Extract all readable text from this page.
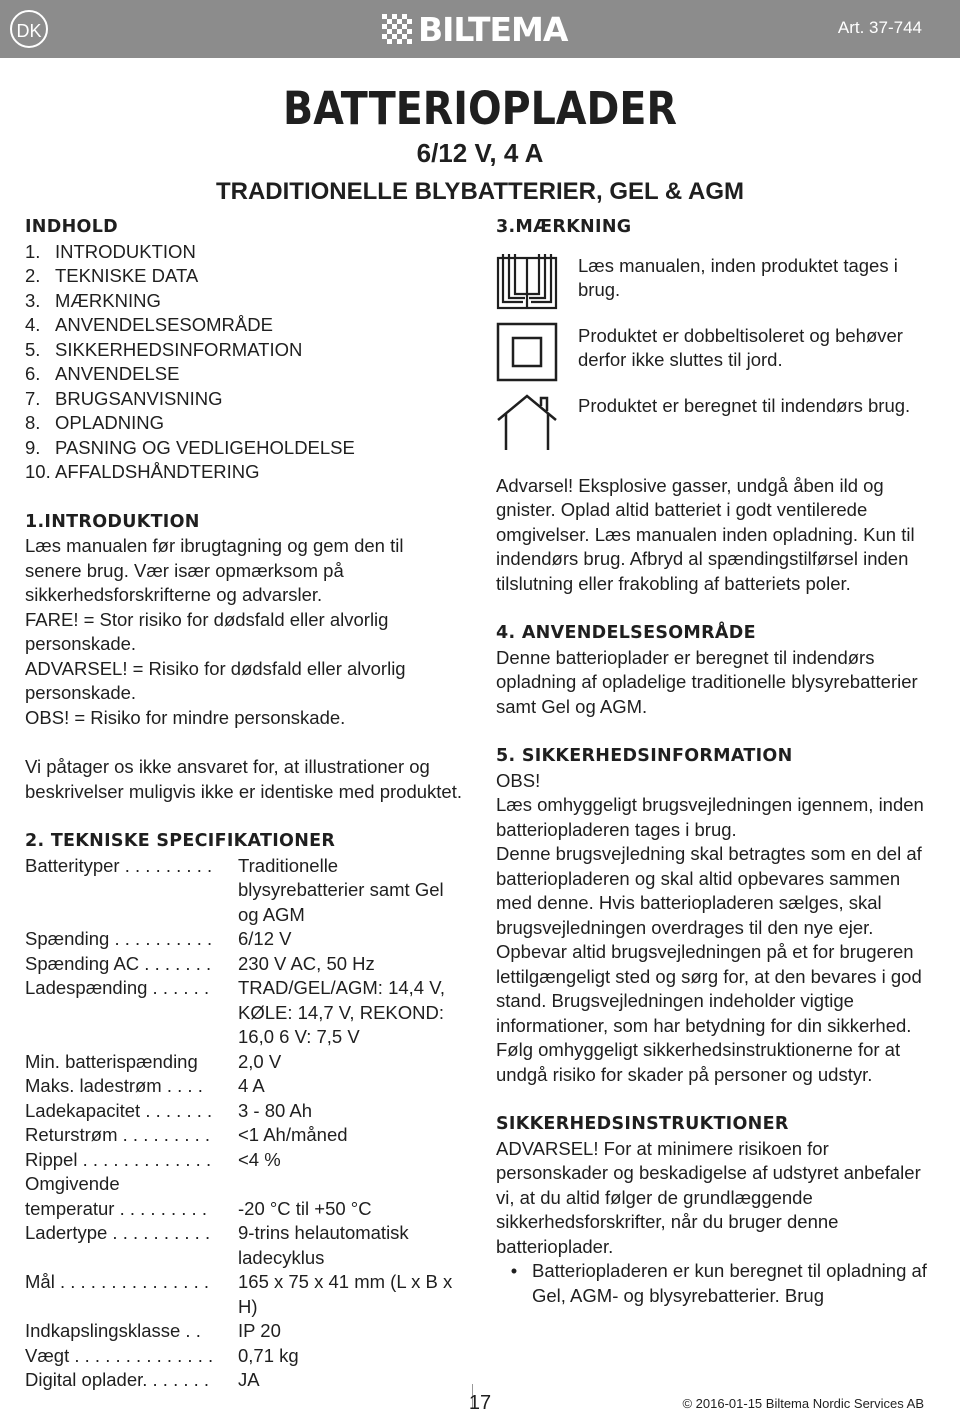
DK	BILTEMA	Art. 37-744
BATTERIOPLADER
6/12 V, 4 A
TRADITIONELLE BLYBATTERIER, GEL & AGM
INDHOLD
1. INTRODUKTION
2. TEKNISKE DATA
3. MÆRKNING
4. ANVENDELSESOMRÅDE
5. SIKKERHEDSINFORMATION
6. ANVENDELSE
7. BRUGSANVISNING
8. OPLADNING
9. PASNING OG VEDLIGEHOLDELSE
10. AFFALDSHÅNDTERING
1.INTRODUKTION

Læs manualen før ibrugtagning og gem den til senere brug. Vær især opmærksom på sikkerhedsforskrifterne og advarsler.

FARE! = Stor risiko for dødsfald eller alvorlig personskade.

ADVARSEL! = Risiko for dødsfald eller alvorlig personskade.

OBS! = Risiko for mindre personskade.

Vi påtager os ikke ansvaret for, at illustrationer og beskrivelser muligvis ikke er identiske med produktet.

2. TEKNISKE SPECIFIKATIONER
Batterityper . . . . . . . . .	Traditionelle blysyrebatterier samt Gel og AGM
Spænding . . . . . . . . . .	6/12 V
Spænding AC . . . . . . .	230 V AC, 50 Hz
Ladespænding . . . . . .	TRAD/GEL/AGM: 14,4 V, KØLE: 14,7 V, REKOND: 16,0 6 V: 7,5 V
Min. batterispænding	2,0 V
Maks. ladestrøm . . . .	4 A
Ladekapacitet . . . . . . .	3 - 80 Ah
Returstrøm . . . . . . . . .	<1 Ah/måned
Rippel . . . . . . . . . . . . .	<4 %
Omgivende
temperatur . . . . . . . . .	-20 °C til +50 °C
Ladertype . . . . . . . . . .	9-trins helautomatisk ladecyklus
Mål . . . . . . . . . . . . . . .	165 x 75 x 41 mm (L x B x H)
Indkapslingsklasse . .	IP 20
Vægt . . . . . . . . . . . . . .	0,71 kg
Digital oplader. . . . . . .	JA
3.MÆRKNING
Læs manualen, inden produktet tages i brug.
Produktet er dobbeltisoleret og behøver derfor ikke sluttes til jord.
Produktet er beregnet til indendørs brug.

Advarsel! Eksplosive gasser, undgå åben ild og gnister. Oplad altid batteriet i godt ventilerede omgivelser. Læs manualen inden opladning. Kun til indendørs brug. Afbryd al spændingstilførsel inden tilslutning eller frakobling af batteriets poler.

4. ANVENDELSESOMRÅDE

Denne batterioplader er beregnet til indendørs opladning af opladelige traditionelle blysyrebatterier samt Gel og AGM.

5. SIKKERHEDSINFORMATION

OBS!

Læs omhyggeligt brugsvejledningen igennem, inden batteriopladeren tages i brug.

Denne brugsvejledning skal betragtes som en del af batteriopladeren og skal altid opbevares sammen med denne. Hvis batteriopladeren sælges, skal brugsvejledningen overdrages til den nye ejer. Opbevar altid brugsvejledningen på et for brugeren lettilgængeligt sted og sørg for, at den bevares i god stand. Brugsvejledningen indeholder vigtige informationer, som har betydning for din sikkerhed.

Følg omhyggeligt sikkerhedsinstruktionerne for at undgå risiko for skader på personer og udstyr.

SIKKERHEDSINSTRUKTIONER

ADVARSEL! For at minimere risikoen for personskader og beskadigelse af udstyret anbefaler vi, at du altid følger de grundlæggende sikkerhedsforskrifter, når du bruger denne batterioplader.

• Batteriopladeren er kun beregnet til opladning af Gel, AGM- og blysyrebatterier. Brug
17	© 2016-01-15 Biltema Nordic Services AB
